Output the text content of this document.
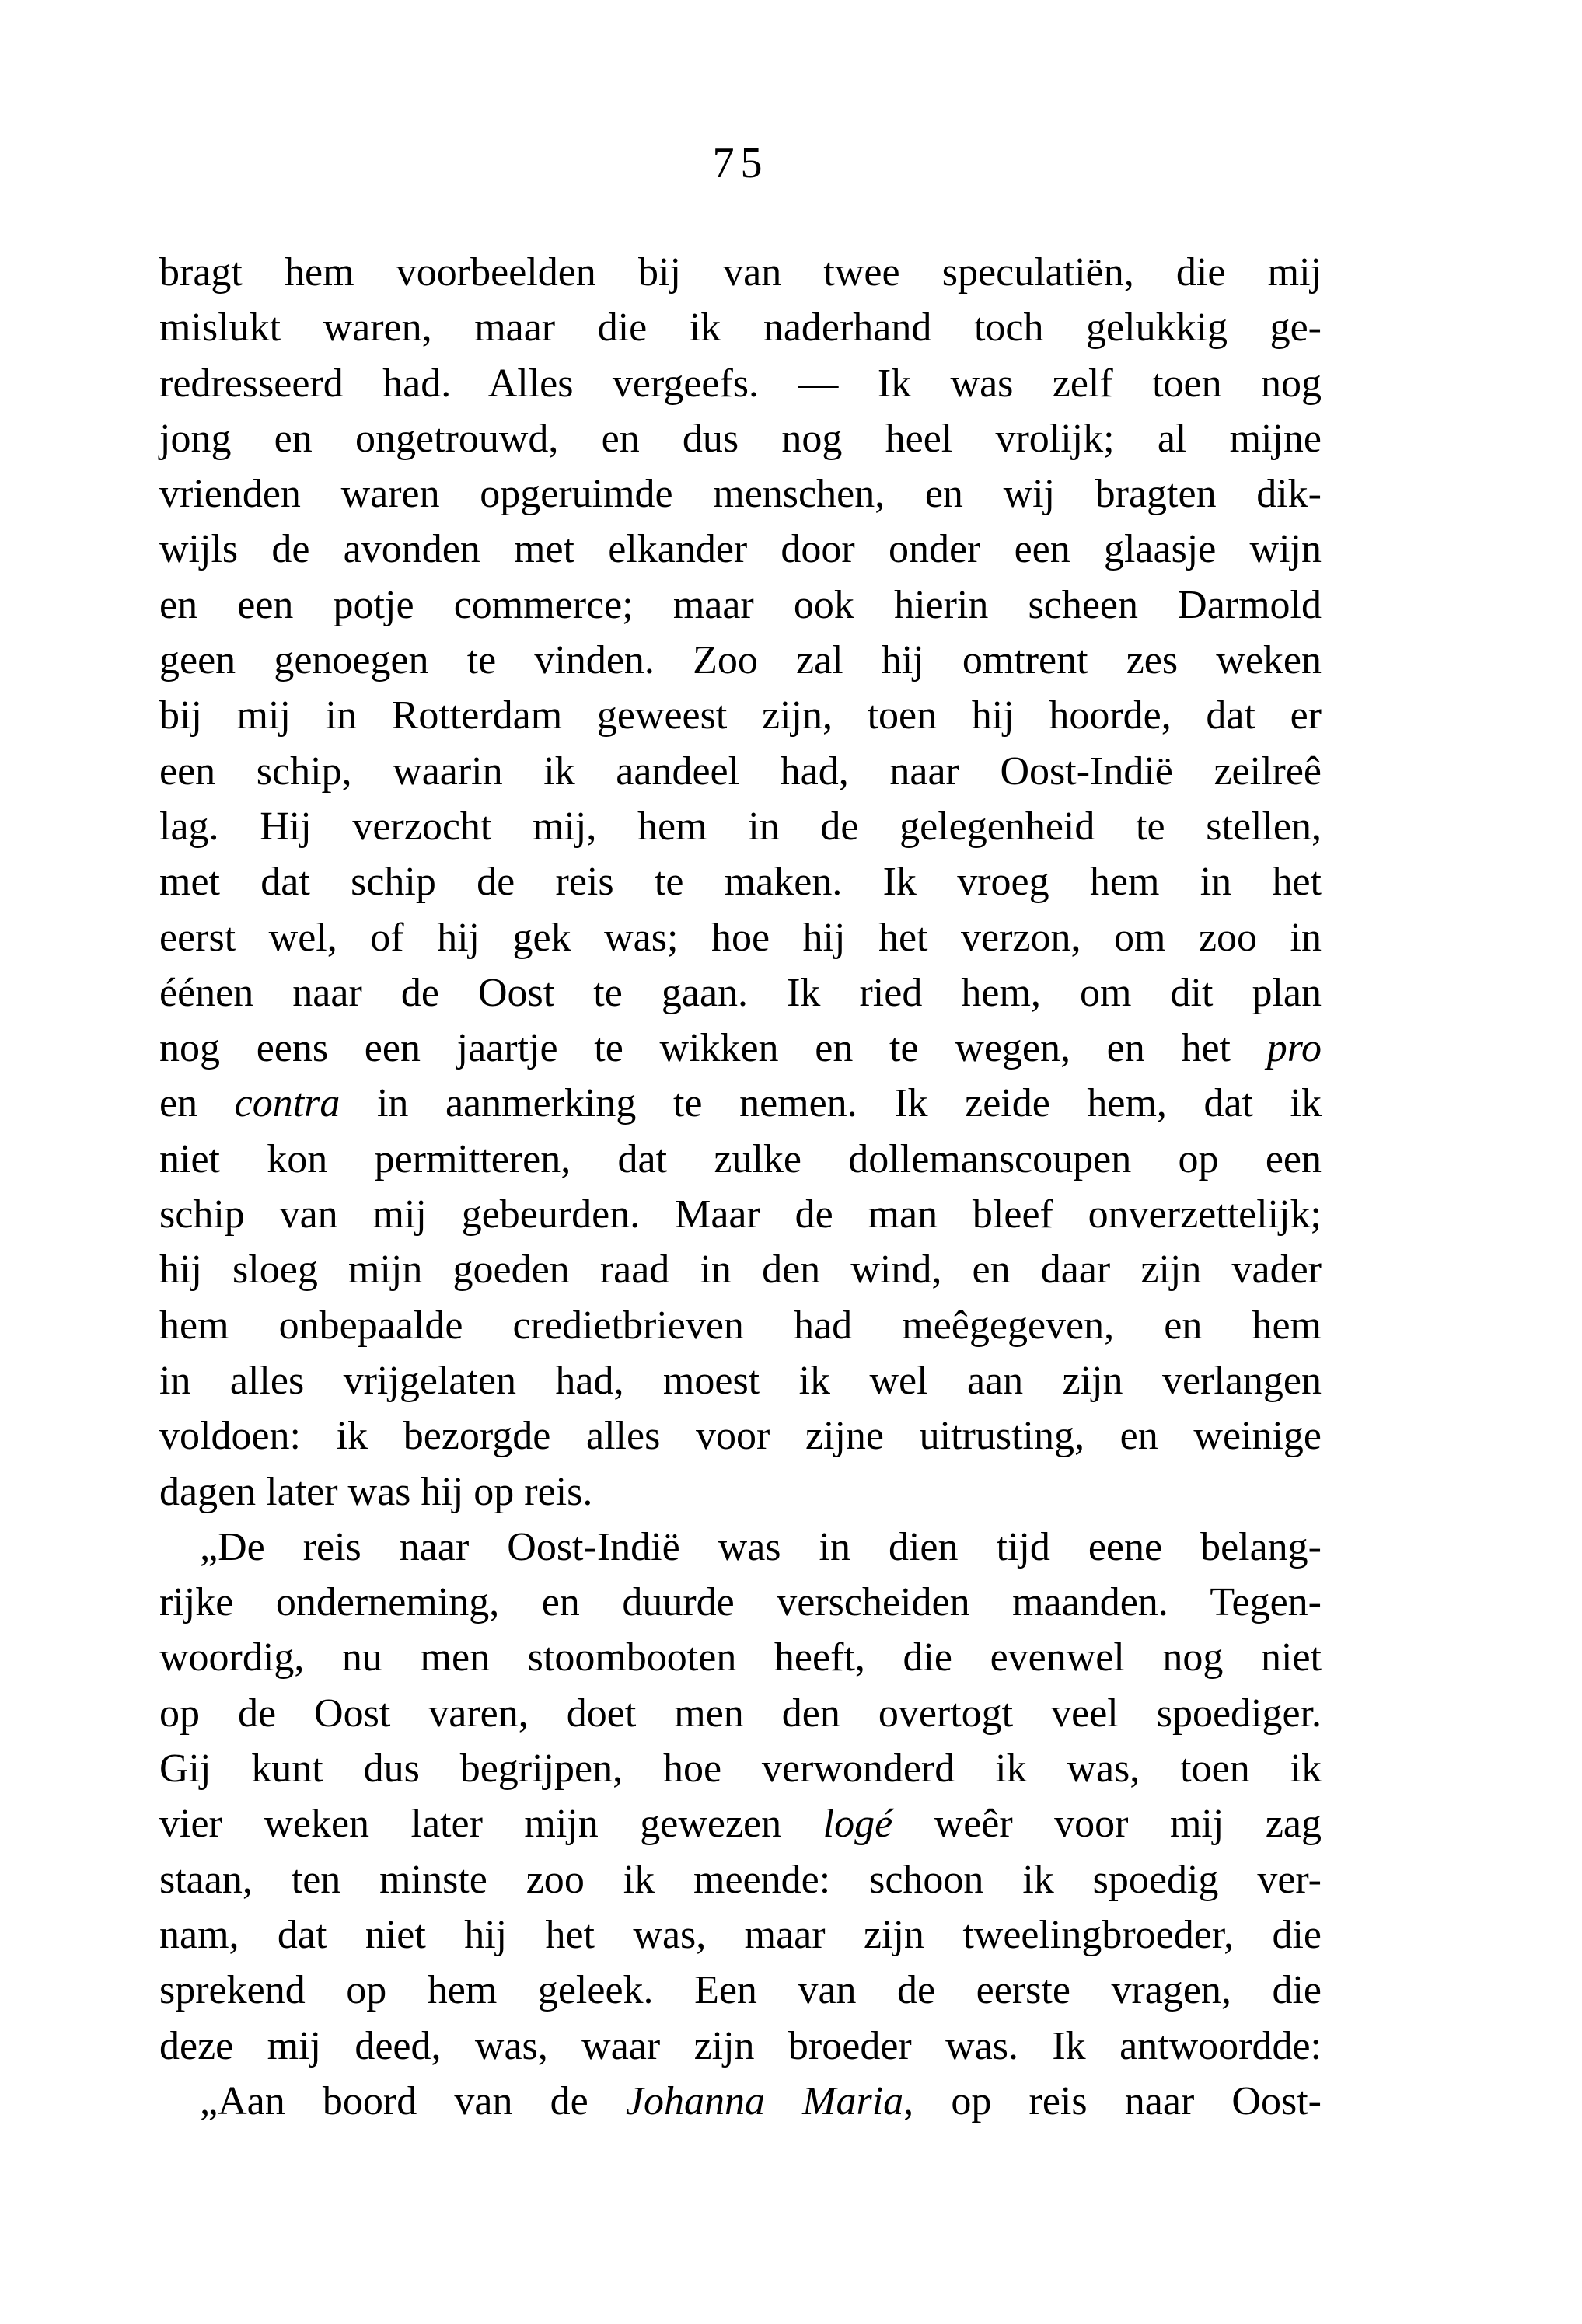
75
bragt hem voorbeelden bij van twee speculatiën, die mij
mislukt waren, maar die ik naderhand toch gelukkig ge-
redresseerd had. Alles vergeefs. — Ik was zelf toen nog
jong en ongetrouwd, en dus nog heel vrolijk; al mijne
vrienden waren opgeruimde menschen, en wij bragten dik-
wijls de avonden met elkander door onder een glaasje wijn
en een potje commerce; maar ook hierin scheen Darmold
geen genoegen te vinden. Zoo zal hij omtrent zes weken
bij mij in Rotterdam geweest zijn, toen hij hoorde, dat er
een schip, waarin ik aandeel had, naar Oost-Indië zeilreê
lag. Hij verzocht mij, hem in de gelegenheid te stellen,
met dat schip de reis te maken. Ik vroeg hem in het
eerst wel, of hij gek was; hoe hij het verzon, om zoo in
éénen naar de Oost te gaan. Ik ried hem, om dit plan
nog eens een jaartje te wikken en te wegen, en het pro
en contra in aanmerking te nemen. Ik zeide hem, dat ik
niet kon permitteren, dat zulke dollemanscoupen op een
schip van mij gebeurden. Maar de man bleef onverzettelijk;
hij sloeg mijn goeden raad in den wind, en daar zijn vader
hem onbepaalde credietbrieven had meêgegeven, en hem
in alles vrijgelaten had, moest ik wel aan zijn verlangen
voldoen: ik bezorgde alles voor zijne uitrusting, en weinige
dagen later was hij op reis.
„De reis naar Oost-Indië was in dien tijd eene belang-
rijke onderneming, en duurde verscheiden maanden. Tegen-
woordig, nu men stoombooten heeft, die evenwel nog niet
op de Oost varen, doet men den overtogt veel spoediger.
Gij kunt dus begrijpen, hoe verwonderd ik was, toen ik
vier weken later mijn gewezen logé weêr voor mij zag
staan, ten minste zoo ik meende: schoon ik spoedig ver-
nam, dat niet hij het was, maar zijn tweelingbroeder, die
sprekend op hem geleek. Een van de eerste vragen, die
deze mij deed, was, waar zijn broeder was. Ik antwoordde:
„Aan boord van de Johanna Maria, op reis naar Oost-
